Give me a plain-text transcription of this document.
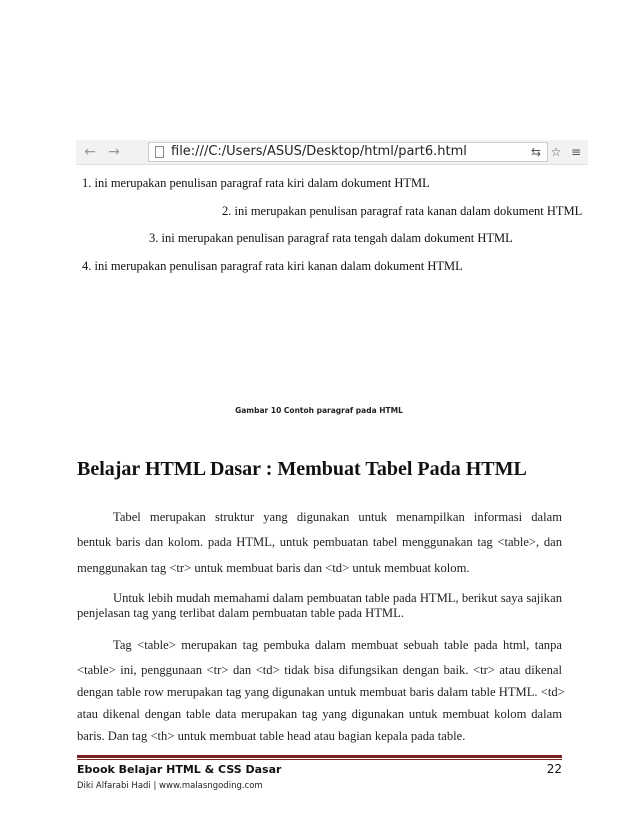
← →	file:///C:/Users/ASUS/Desktop/html/part6.html	⇆ ☆ ≡
1. ini merupakan penulisan paragraf rata kiri dalam dokument HTML
2. ini merupakan penulisan paragraf rata kanan dalam dokument HTML
3. ini merupakan penulisan paragraf rata tengah dalam dokument HTML
4. ini merupakan penulisan paragraf rata kiri kanan dalam dokument HTML
Gambar 10 Contoh paragraf pada HTML
Belajar HTML Dasar : Membuat Tabel Pada HTML
Tabel merupakan struktur yang digunakan untuk menampilkan informasi dalam
bentuk baris dan kolom. pada HTML, untuk pembuatan tabel menggunakan tag <table>, dan
menggunakan tag <tr> untuk membuat baris dan <td> untuk membuat kolom.
Untuk lebih mudah memahami dalam pembuatan table pada HTML, berikut saya sajikan
penjelasan tag yang terlibat dalam pembuatan table pada HTML.
Tag <table> merupakan tag pembuka dalam membuat sebuah table pada html, tanpa
<table> ini, penggunaan <tr> dan <td> tidak bisa difungsikan dengan baik. <tr> atau dikenal
dengan table row merupakan tag yang digunakan untuk membuat baris dalam table HTML. <td>
atau dikenal dengan table data merupakan tag yang digunakan untuk membuat kolom dalam
baris. Dan tag <th> untuk membuat table head atau bagian kepala pada table.
Ebook Belajar HTML & CSS Dasar	22
Diki Alfarabi Hadi | www.malasngoding.com
